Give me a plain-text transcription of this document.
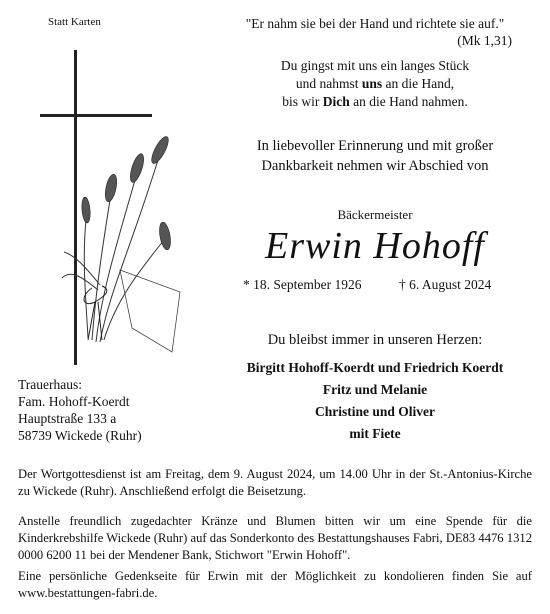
Statt Karten	"Er nahm sie bei der Hand und richtete sie auf."
(Mk 1,31)
Du gingst mit uns ein langes Stück
und nahmst uns an die Hand,
bis wir Dich an die Hand nahmen.
In liebevoller Erinnerung und mit großer
Dankbarkeit nehmen wir Abschied von
Bäckermeister
Erwin Hohoff
* 18. September 1926	† 6. August 2024
Du bleibst immer in unseren Herzen:
Birgitt Hohoff-Koerdt und Friedrich Koerdt
Fritz und Melanie
Christine und Oliver
mit Fiete
Trauerhaus:
Fam. Hohoff-Koerdt
Hauptstraße 133 a
58739 Wickede (Ruhr)
Der Wortgottesdienst ist am Freitag, dem 9. August 2024, um 14.00 Uhr in der St.-Antonius-Kirche zu Wickede (Ruhr). Anschließend erfolgt die Beisetzung.
Anstelle freundlich zugedachter Kränze und Blumen bitten wir um eine Spende für die Kinderkrebshilfe Wickede (Ruhr) auf das Sonderkonto des Bestattungshauses Fabri, DE83 4476 1312 0000 6200 11 bei der Mendener Bank, Stichwort "Erwin Hohoff".
Eine persönliche Gedenkseite für Erwin mit der Möglichkeit zu kondolieren finden Sie auf www.bestattungen-fabri.de.
